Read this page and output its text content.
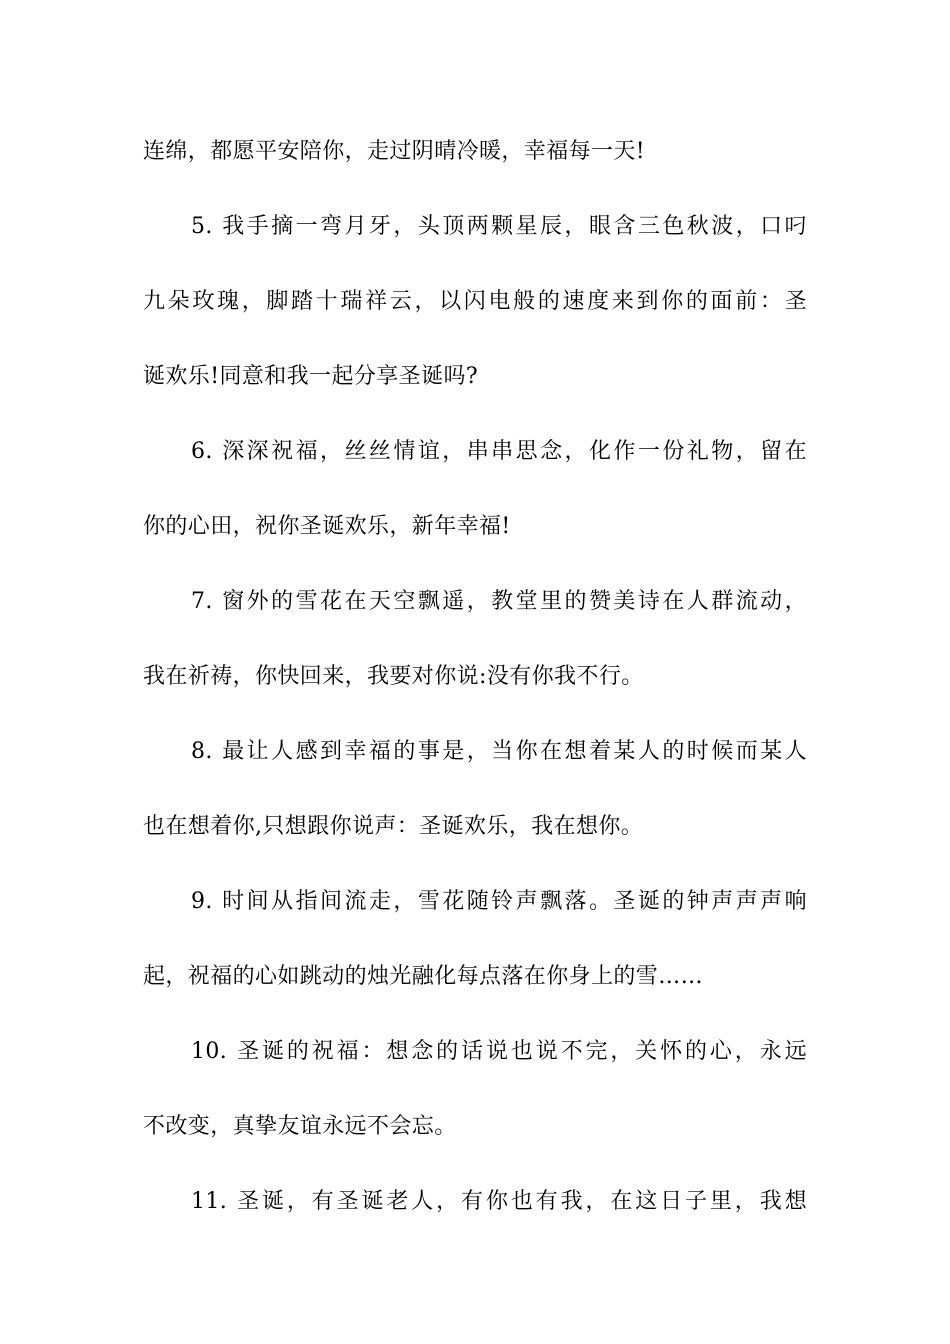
连绵，都愿平安陪你，走过阴晴冷暖，幸福每一天!
5. 我手摘一弯月牙，头顶两颗星辰，眼含三色秋波，口叼
九朵玫瑰，脚踏十瑞祥云，以闪电般的速度来到你的面前：圣
诞欢乐!同意和我一起分享圣诞吗?
6. 深深祝福，丝丝情谊，串串思念，化作一份礼物，留在
你的心田，祝你圣诞欢乐，新年幸福!
7. 窗外的雪花在天空飘遥，教堂里的赞美诗在人群流动，
我在祈祷，你快回来，我要对你说:没有你我不行。
8. 最让人感到幸福的事是，当你在想着某人的时候而某人
也在想着你,只想跟你说声：圣诞欢乐，我在想你。
9. 时间从指间流走，雪花随铃声飘落。圣诞的钟声声声响
起，祝福的心如跳动的烛光融化每点落在你身上的雪……
10. 圣诞的祝福：想念的话说也说不完，关怀的心，永远
不改变，真挚友谊永远不会忘。
11. 圣诞，有圣诞老人，有你也有我，在这日子里，我想
